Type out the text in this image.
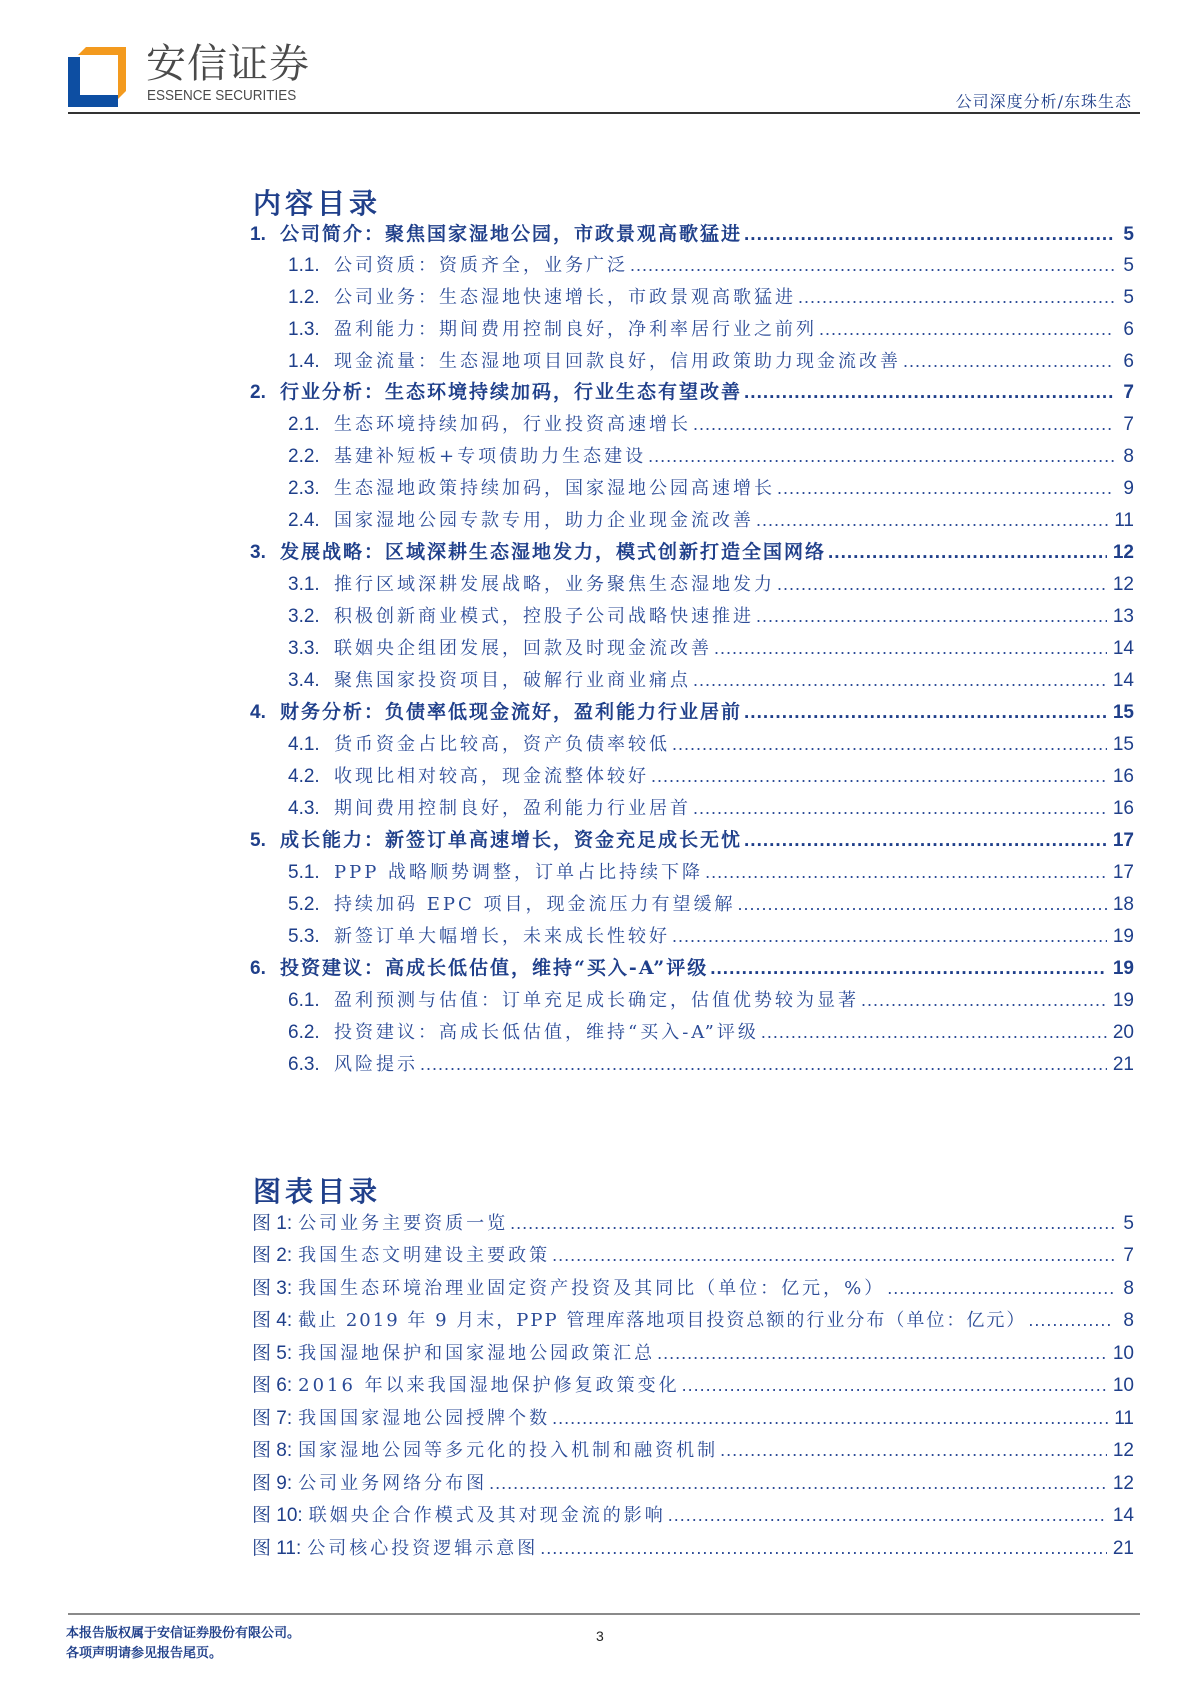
安信证券
ESSENCE SECURITIES	公司深度分析/东珠生态
内容目录
1. 公司简介：聚焦国家湿地公园，市政景观高歌猛进 .....	5
1.1. 公司资质：资质齐全，业务广泛 .....	5
1.2. 公司业务：生态湿地快速增长，市政景观高歌猛进 .....	5
1.3. 盈利能力：期间费用控制良好，净利率居行业之前列 .....	6
1.4. 现金流量：生态湿地项目回款良好，信用政策助力现金流改善 .....	6
2. 行业分析：生态环境持续加码，行业生态有望改善 .....	7
2.1. 生态环境持续加码，行业投资高速增长 .....	7
2.2. 基建补短板+专项债助力生态建设 .....	8
2.3. 生态湿地政策持续加码，国家湿地公园高速增长 .....	9
2.4. 国家湿地公园专款专用，助力企业现金流改善 .....	11
3. 发展战略：区域深耕生态湿地发力，模式创新打造全国网络 .....	12
3.1. 推行区域深耕发展战略，业务聚焦生态湿地发力 .....	12
3.2. 积极创新商业模式，控股子公司战略快速推进 .....	13
3.3. 联姻央企组团发展，回款及时现金流改善 .....	14
3.4. 聚焦国家投资项目，破解行业商业痛点 .....	14
4. 财务分析：负债率低现金流好，盈利能力行业居前 .....	15
4.1. 货币资金占比较高，资产负债率较低 .....	15
4.2. 收现比相对较高，现金流整体较好 .....	16
4.3. 期间费用控制良好，盈利能力行业居首 .....	16
5. 成长能力：新签订单高速增长，资金充足成长无忧 .....	17
5.1. PPP 战略顺势调整，订单占比持续下降 .....	17
5.2. 持续加码 EPC 项目，现金流压力有望缓解 .....	18
5.3. 新签订单大幅增长，未来成长性较好 .....	19
6. 投资建议：高成长低估值，维持“买入-A”评级 .....	19
6.1. 盈利预测与估值：订单充足成长确定，估值优势较为显著 .....	19
6.2. 投资建议：高成长低估值，维持“买入-A”评级 .....	20
6.3. 风险提示 .....	21
图表目录
图 1: 公司业务主要资质一览 .....	5
图 2: 我国生态文明建设主要政策 .....	7
图 3: 我国生态环境治理业固定资产投资及其同比（单位：亿元，%） .....	8
图 4: 截止 2019 年 9 月末，PPP 管理库落地项目投资总额的行业分布（单位：亿元） .....	8
图 5: 我国湿地保护和国家湿地公园政策汇总 .....	10
图 6: 2016 年以来我国湿地保护修复政策变化 .....	10
图 7: 我国国家湿地公园授牌个数 .....	11
图 8: 国家湿地公园等多元化的投入机制和融资机制 .....	12
图 9: 公司业务网络分布图 .....	12
图 10: 联姻央企合作模式及其对现金流的影响 .....	14
图 11: 公司核心投资逻辑示意图 .....	21
本报告版权属于安信证券股份有限公司。
各项声明请参见报告尾页。
3
